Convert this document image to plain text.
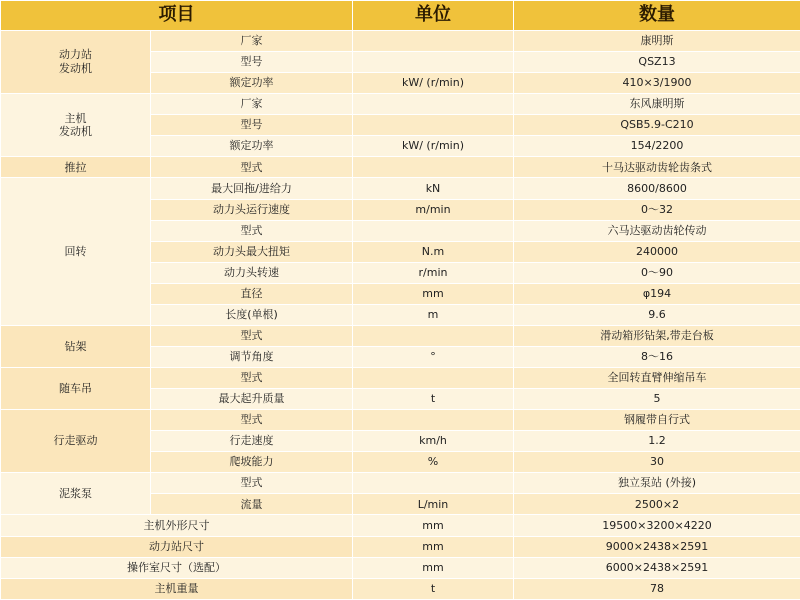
项目		单位	数量
动力站
发动机	厂家		康明斯
	型号		QSZ13
	额定功率	kW/ (r/min)	410×3/1900
主机
发动机	厂家		东风康明斯
	型号		QSB5.9-C210
	额定功率	kW/ (r/min)	154/2200
推拉	型式		十马达驱动齿轮齿条式
回转	最大回拖/进给力	kN	8600/8600
	动力头运行速度	m/min	0～32
	型式		六马达驱动齿轮传动
	动力头最大扭矩	N.m	240000
	动力头转速	r/min	0～90
	直径	mm	φ194
	长度(单根)	m	9.6
钻架	型式		滑动箱形钻架,带走台板
	调节角度	°	8～16
随车吊	型式		全回转直臂伸缩吊车
	最大起升质量	t	5
行走驱动	型式		钢履带自行式
	行走速度	km/h	1.2
	爬坡能力	%	30
泥浆泵	型式		独立泵站 (外接)
	流量	L/min	2500×2
主机外形尺寸		mm	19500×3200×4220
动力站尺寸		mm	9000×2438×2591
操作室尺寸（选配）		mm	6000×2438×2591
主机重量		t	78
